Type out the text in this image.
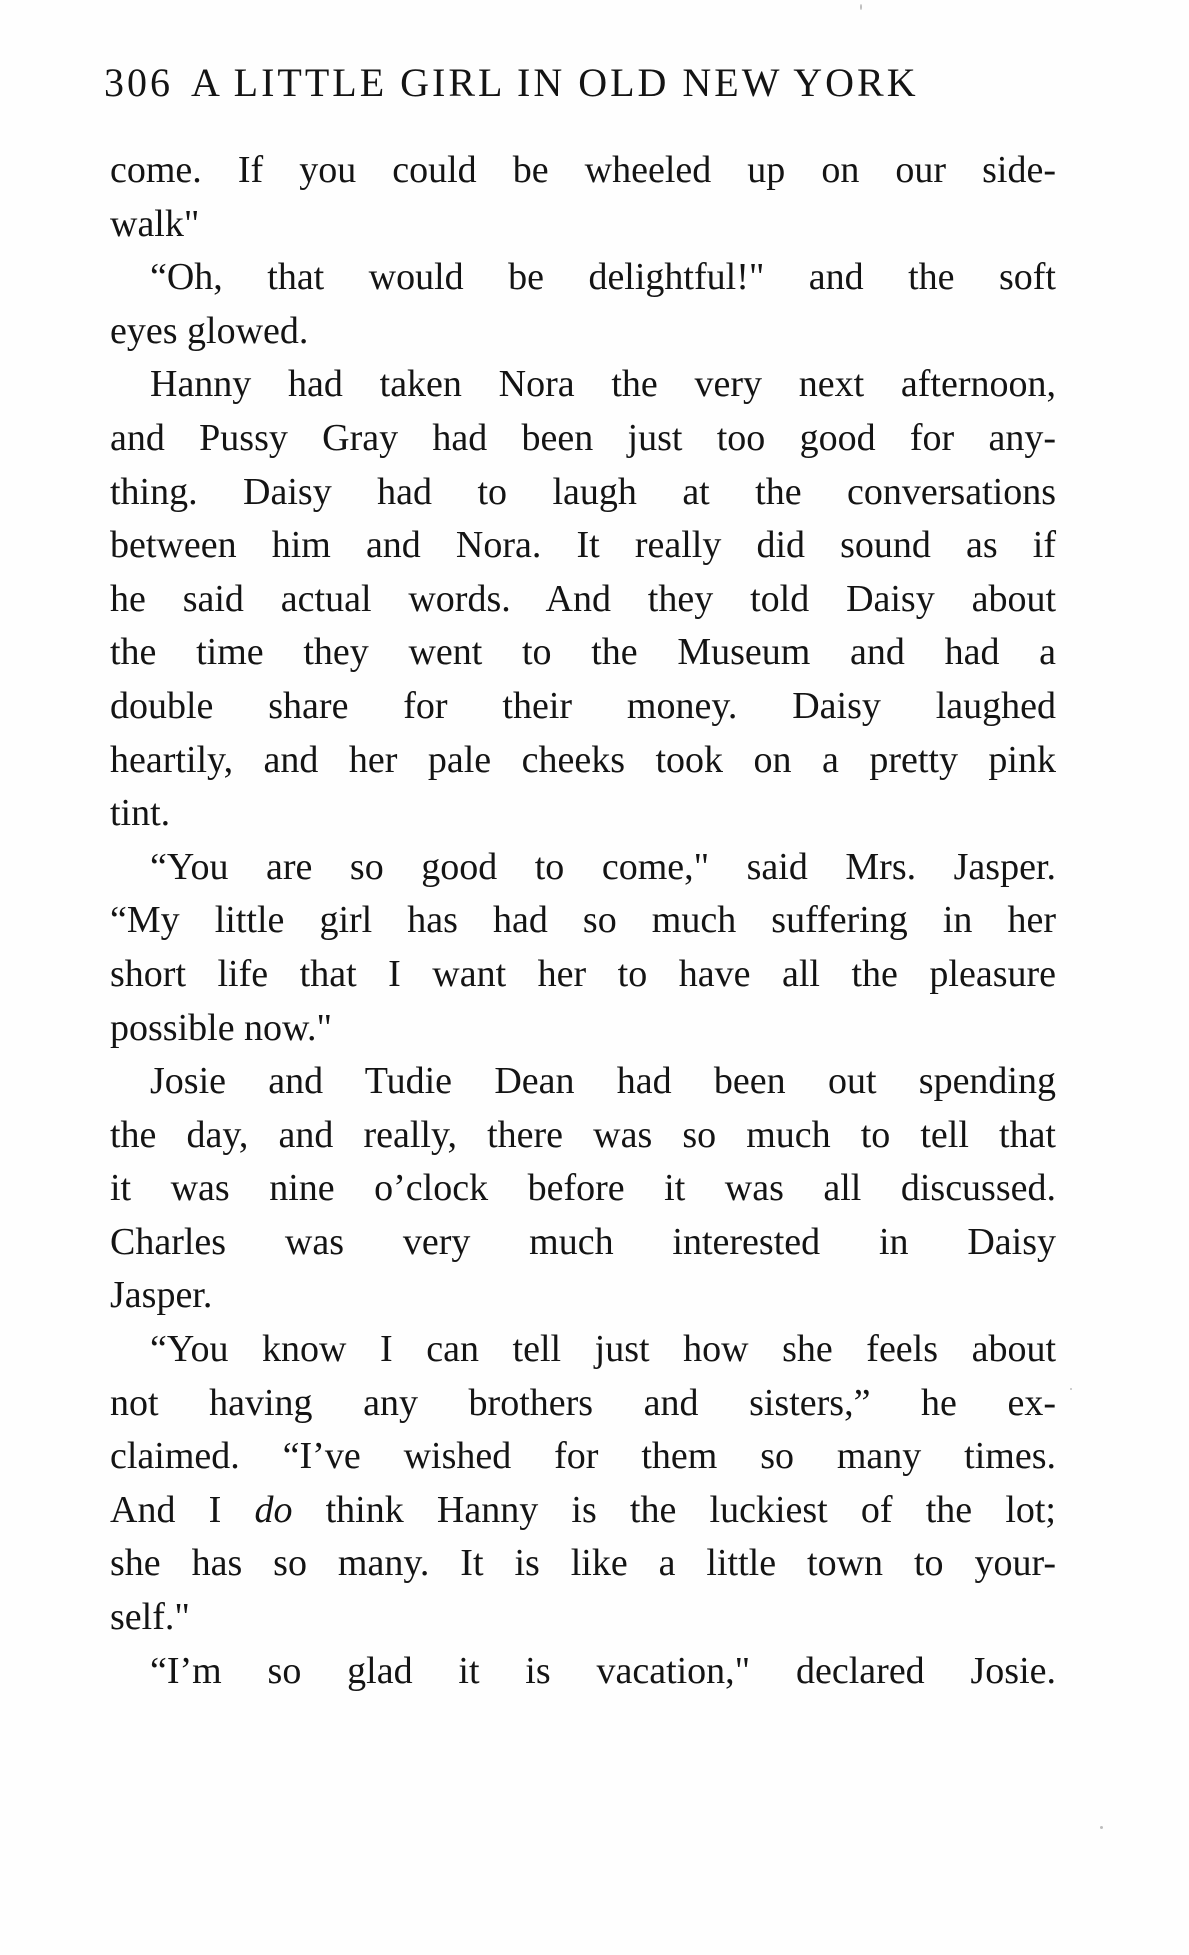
306 A LITTLE GIRL IN OLD NEW YORK
come. If you could be wheeled up on our side-
walk"
“Oh, that would be delightful!" and the soft
eyes glowed.
Hanny had taken Nora the very next afternoon,
and Pussy Gray had been just too good for any-
thing. Daisy had to laugh at the conversations
between him and Nora. It really did sound as if
he said actual words. And they told Daisy about
the time they went to the Museum and had a
double share for their money. Daisy laughed
heartily, and her pale cheeks took on a pretty pink
tint.
“You are so good to come," said Mrs. Jasper.
“My little girl has had so much suffering in her
short life that I want her to have all the pleasure
possible now."
Josie and Tudie Dean had been out spending
the day, and really, there was so much to tell that
it was nine o’clock before it was all discussed.
Charles was very much interested in Daisy
Jasper.
“You know I can tell just how she feels about
not having any brothers and sisters,” he ex-
claimed. “I’ve wished for them so many times.
And I do think Hanny is the luckiest of the lot;
she has so many. It is like a little town to your-
self."
“I’m so glad it is vacation," declared Josie.
